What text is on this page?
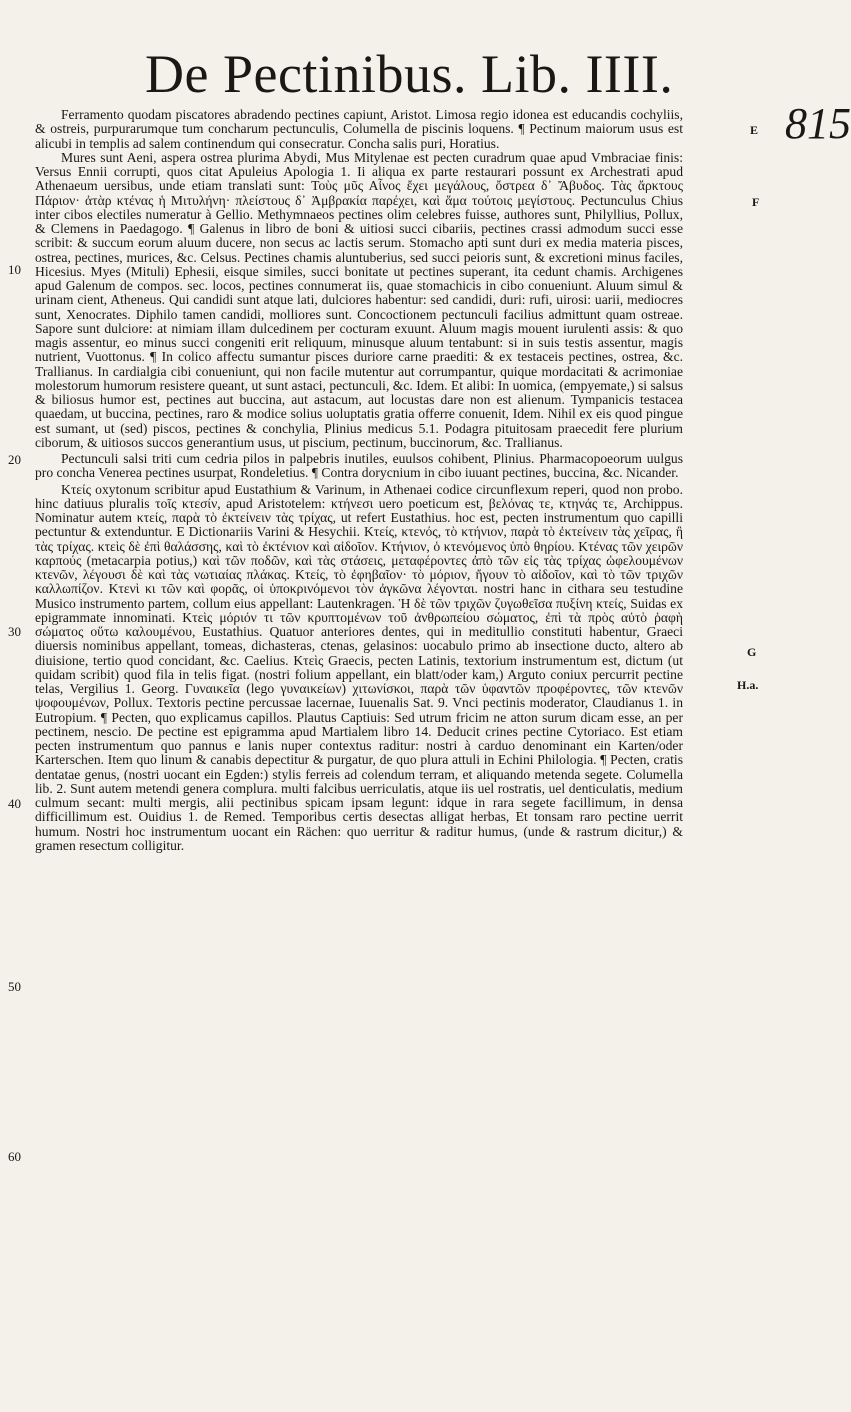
De Pectinibus. Lib. IIII.
815

Ferramento quodam piscatores abradendo pectines capiunt, Aristot. Limosa regio idonea est educandis cochyliis, & ostreis, purpurarumque tum concharum pectunculis, Columella de piscinis loquens. ¶ Pectinum maiorum usus est alicubi in templis ad salem continendum qui consecratur. Concha salis puri, Horatius.

Mures sunt Aeni, aspera ostrea plurima Abydi, Mus Mitylenae est pecten curadrum quae apud Vmbraciae finis: Versus Ennii corrupti, quos citat Apuleius Apologia 1. Ii aliqua ex parte restaurari possunt ex Archestrati apud Athenaeum uersibus, unde etiam translati sunt: Τοὺς μῦς Αἶνος ἔχει μεγάλους, ὄστρεα δ᾽ Ἄβυδος. Τὰς ἄρκτους Πάριον· ἀτὰρ κτένας ἡ Μιτυλήνη· πλείστους δ᾽ Ἀμβρακία παρέχει, καὶ ἅμα τούτοις μεγίστους. Pectunculus Chius inter cibos electiles numeratur à Gellio. Methymnaeos pectines olim celebres fuisse, authores sunt, Philyllius, Pollux, & Clemens in Paedagogo. ¶ Galenus in libro de boni & uitiosi succi cibariis, pectines crassi admodum succi esse scribit: & succum eorum aluum ducere, non secus ac lactis serum. Stomacho apti sunt duri ex media materia pisces, ostrea, pectines, murices, &c. Celsus. Pectines chamis aluntuberius, sed succi peioris sunt, & excretioni minus faciles, Hicesius. Myes (Mituli) Ephesii, eisque similes, succi bonitate ut pectines superant, ita cedunt chamis. Archigenes apud Galenum de compos. sec. locos, pectines connumerat iis, quae stomachicis in cibo conueniunt. Aluum simul & urinam cient, Atheneus. Qui candidi sunt atque lati, dulciores habentur: sed candidi, duri: rufi, uirosi: uarii, mediocres sunt, Xenocrates. Diphilo tamen candidi, molliores sunt. Concoctionem pectunculi facilius admittunt quam ostreae. Sapore sunt dulciore: at nimiam illam dulcedinem per cocturam exuunt. Aluum magis mouent iurulenti assis: & quo magis assentur, eo minus succi congeniti erit reliquum, minusque aluum tentabunt: si in suis testis assentur, magis nutrient, Vuottonus. ¶ In colico affectu sumantur pisces duriore carne praediti: & ex testaceis pectines, ostrea, &c. Trallianus. In cardialgia cibi conueniunt, qui non facile mutentur aut corrumpantur, quique mordacitati & acrimoniae molestorum humorum resistere queant, ut sunt astaci, pectunculi, &c. Idem. Et alibi: In uomica, (empyemate,) si salsus & biliosus humor est, pectines aut buccina, aut astacum, aut locustas dare non est alienum. Tympanicis testacea quaedam, ut buccina, pectines, raro & modice solius uoluptatis gratia offerre conuenit, Idem. Nihil ex eis quod pingue est sumant, ut (sed) piscos, pectines & conchylia, Plinius medicus 5.1. Podagra pituitosam praecedit fere plurium ciborum, & uitiosos succos generantium usus, ut piscium, pectinum, buccinorum, &c. Trallianus.

Pectunculi salsi triti cum cedria pilos in palpebris inutiles, euulsos cohibent, Plinius. Pharmacopoeorum uulgus pro concha Venerea pectines usurpat, Rondeletius. ¶ Contra dorycnium in cibo iuuant pectines, buccina, &c. Nicander.

Κτείς oxytonum scribitur apud Eustathium & Varinum, in Athenaei codice circunflexum reperi, quod non probo. hinc datiuus pluralis τοῖς κτεσίν, apud Aristotelem: κτήνεσι uero poeticum est, βελόνας τε, κτηνάς τε, Archippus. Nominatur autem κτείς, παρὰ τὸ ἐκτείνειν τὰς τρίχας, ut refert Eustathius. hoc est, pecten instrumentum quo capilli pectuntur & extenduntur. E Dictionariis Varini & Hesychii. Κτείς, κτενός, τὸ κτήνιον, παρὰ τὸ ἐκτείνειν τὰς χεῖρας, ἢ τὰς τρίχας. κτεὶς δὲ ἐπὶ θαλάσσης, καὶ τὸ ἐκτένιον καὶ αἰδοῖον. Κτήνιον, ὁ κτενόμενος ὑπὸ θηρίου. Κτένας τῶν χειρῶν καρπούς (metacarpia potius,) καὶ τῶν ποδῶν, καὶ τὰς στάσεις, μεταφέροντες ἀπὸ τῶν εἰς τὰς τρίχας ὠφελουμένων κτενῶν, λέγουσι δὲ καὶ τὰς νωτιαίας πλάκας. Κτείς, τὸ ἐφηβαῖον· τὸ μόριον, ἤγουν τὸ αἰδοῖον, καὶ τὸ τῶν τριχῶν καλλωπίζον. Κτενὶ κι τῶν καὶ φορᾶς, οἱ ὑποκρινόμενοι τὸν ἀγκῶνα λέγονται. nostri hanc in cithara seu testudine Musico instrumento partem, collum eius appellant: Lautenkragen. Ἡ δὲ τῶν τριχῶν ζυγωθεῖσα πυξίνη κτείς, Suidas ex epigrammate innominati. Κτεὶς μόριόν τι τῶν κρυπτομένων τοῦ ἀνθρωπείου σώματος, ἐπὶ τὰ πρὸς αὐτὸ ῥαφὴ σώματος οὕτω καλουμένου, Eustathius. Quatuor anteriores dentes, qui in meditullio constituti habentur, Graeci diuersis nominibus appellant, tomeas, dichasteras, ctenas, gelasinos: uocabulo primo ab insectione ducto, altero ab diuisione, tertio quod concidant, &c. Caelius. Κτεὶς Graecis, pecten Latinis, textorium instrumentum est, dictum (ut quidam scribit) quod fila in telis figat. (nostri folium appellant, ein blatt/oder kam,) Arguto coniux percurrit pectine telas, Vergilius 1. Georg. Γυναικεῖα (lego γυναικείων) χιτωνίσκοι, παρὰ τῶν ὑφαντῶν προφέροντες, τῶν κτενῶν ψοφουμένων, Pollux. Textoris pectine percussae lacernae, Iuuenalis Sat. 9. Vnci pectinis moderator, Claudianus 1. in Eutropium. ¶ Pecten, quo explicamus capillos. Plautus Captiuis: Sed utrum fricim ne atton surum dicam esse, an per pectinem, nescio. De pectine est epigramma apud Martialem libro 14. Deducit crines pectine Cytoriaco. Est etiam pecten instrumentum quo pannus e lanis nuper contextus raditur: nostri à carduo denominant ein Karten/oder Karterschen. Item quo linum & canabis depectitur & purgatur, de quo plura attuli in Echini Philologia. ¶ Pecten, cratis dentatae genus, (nostri uocant ein Egden:) stylis ferreis ad colendum terram, et aliquando metenda segete. Columella lib. 2. Sunt autem metendi genera complura. multi falcibus uerriculatis, atque iis uel rostratis, uel denticulatis, medium culmum secant: multi mergis, alii pectinibus spicam ipsam legunt: idque in rara segete facillimum, in densa difficillimum est. Ouidius 1. de Remed. Temporibus certis desectas alligat herbas, Et tonsam raro pectine uerrit humum. Nostri hoc instrumentum uocant ein Rächen: quo uerritur & raditur humus, (unde & rastrum dicitur,) & gramen resectum colligitur.

E
F
G
H.a.
10
20
30
40
50
60
